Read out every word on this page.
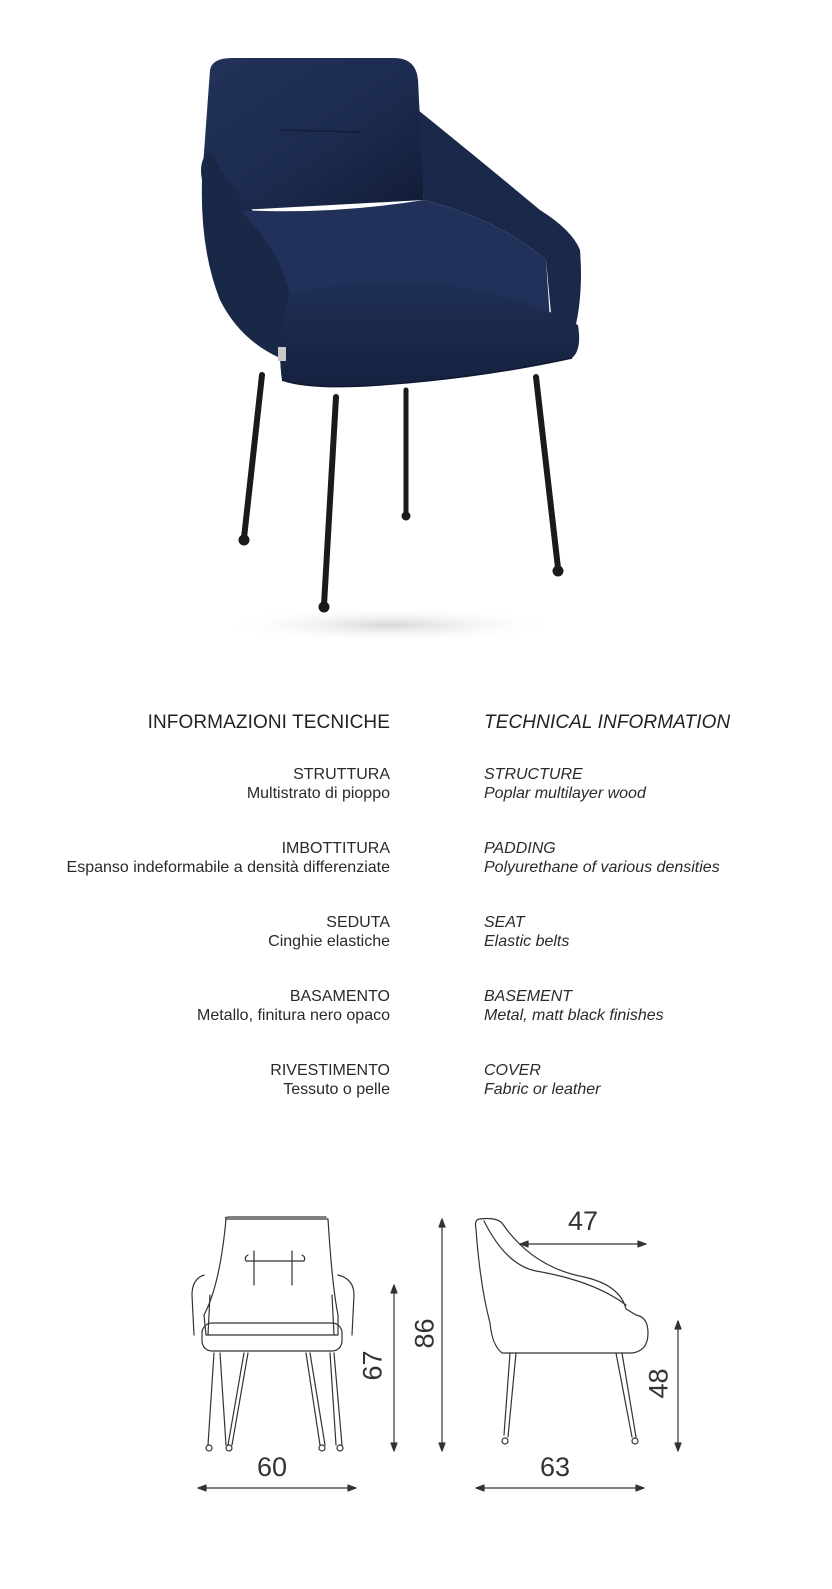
INFORMAZIONI TECNICHE	TECHNICAL INFORMATION
STRUTTURA
Multistrato di pioppo
IMBOTTITURA
Espanso indeformabile a densità differenziate
SEDUTA
Cinghie elastiche
BASAMENTO
Metallo, finitura nero opaco
RIVESTIMENTO
Tessuto o pelle
STRUCTURE
Poplar multilayer wood
PADDING
Polyurethane of various densities
SEAT
Elastic belts
BASEMENT
Metal, matt black finishes
COVER
Fabric or leather
60
67
86
47
63
48
